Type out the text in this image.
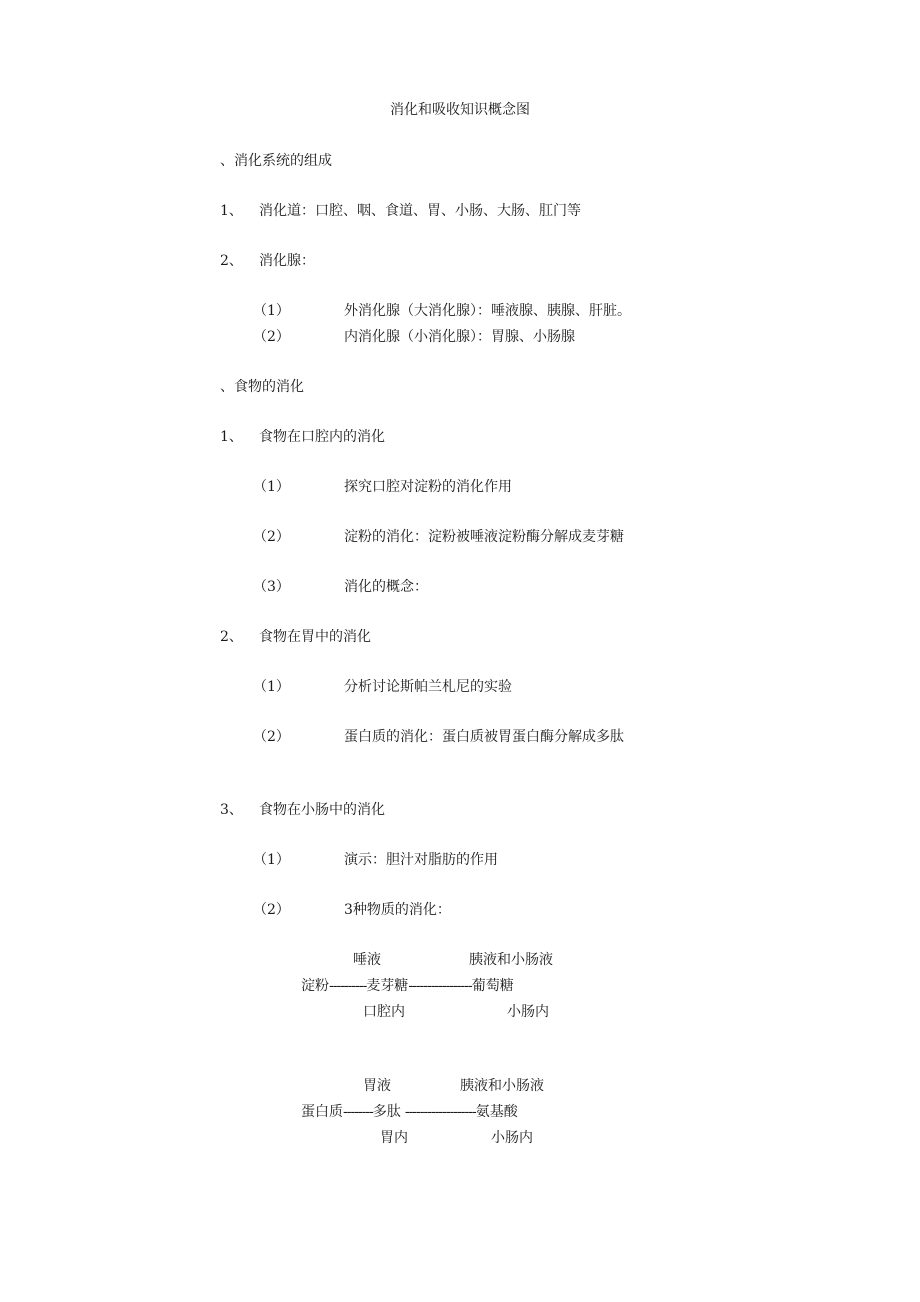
消化和吸收知识概念图
、消化系统的组成
1、 消化道：口腔、咽、食道、胃、小肠、大肠、肛门等
2、 消化腺：
（1）	外消化腺（大消化腺）：唾液腺、胰腺、肝脏。
（2）	内消化腺（小消化腺）：胃腺、小肠腺
、食物的消化
1、 食物在口腔内的消化
（1）	探究口腔对淀粉的消化作用
（2）	淀粉的消化：淀粉被唾液淀粉酶分解成麦芽糖
（3）	消化的概念：
2、 食物在胃中的消化
（1）	分析讨论斯帕兰札尼的实验
（2）	蛋白质的消化：蛋白质被胃蛋白酶分解成多肽
3、 食物在小肠中的消化
（1）	演示：胆汁对脂肪的作用
（2）	3种物质的消化：
唾液	胰液和小肠液
淀粉----------麦芽糖-----------------葡萄糖
口腔内	小肠内
胃液	胰液和小肠液
蛋白质--------多肽 -------------------氨基酸
胃内	小肠内
